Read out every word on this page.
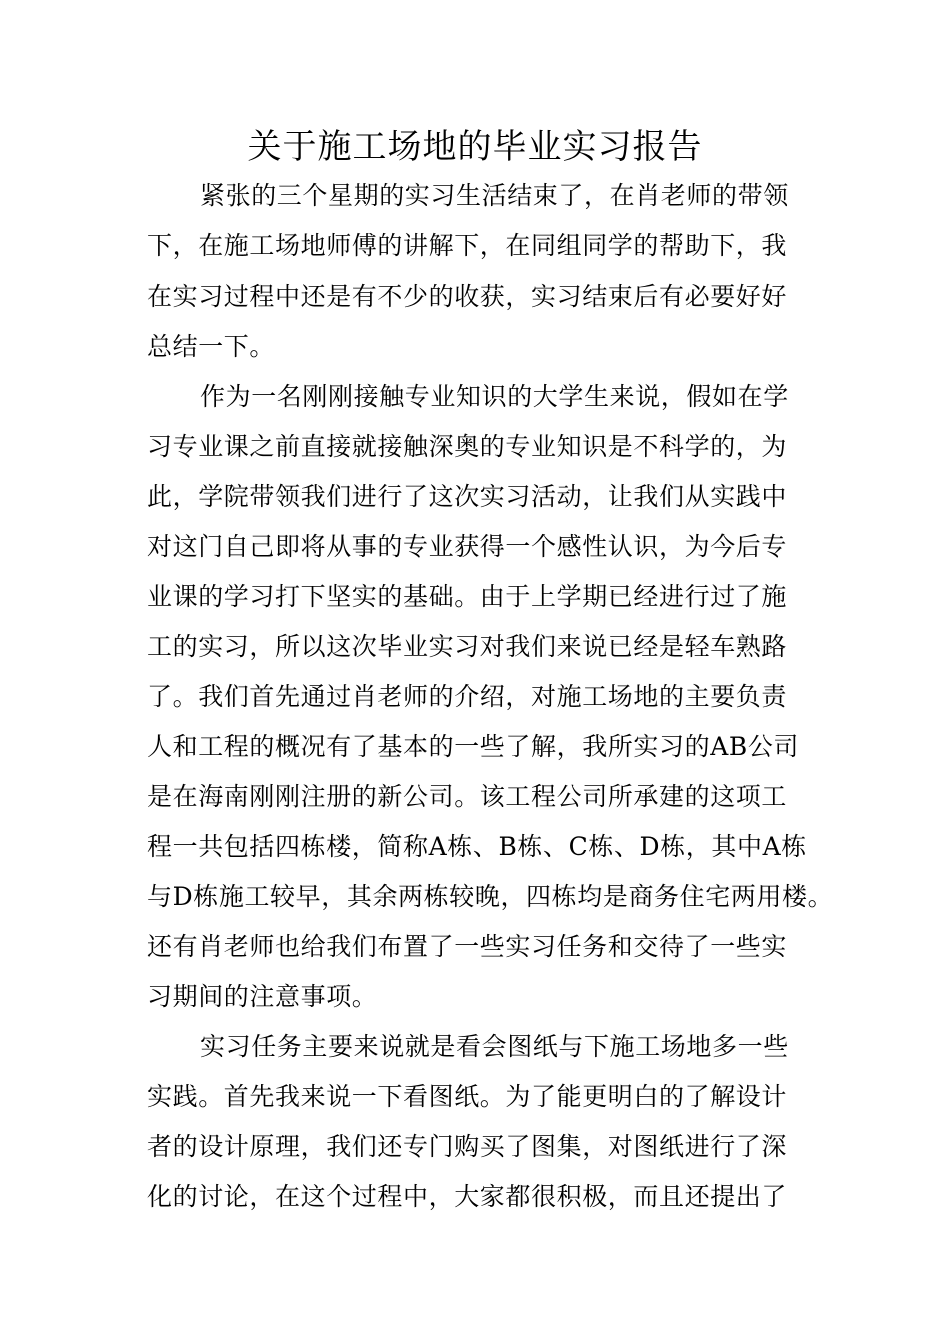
关于施工场地的毕业实习报告
紧张的三个星期的实习生活结束了，在肖老师的带领
下，在施工场地师傅的讲解下，在同组同学的帮助下，我
在实习过程中还是有不少的收获，实习结束后有必要好好
总结一下。
作为一名刚刚接触专业知识的大学生来说，假如在学
习专业课之前直接就接触深奥的专业知识是不科学的，为
此，学院带领我们进行了这次实习活动，让我们从实践中
对这门自己即将从事的专业获得一个感性认识，为今后专
业课的学习打下坚实的基础。由于上学期已经进行过了施
工的实习，所以这次毕业实习对我们来说已经是轻车熟路
了。我们首先通过肖老师的介绍，对施工场地的主要负责
人和工程的概况有了基本的一些了解，我所实习的AB公司
是在海南刚刚注册的新公司。该工程公司所承建的这项工
程一共包括四栋楼，简称A栋、B栋、C栋、D栋，其中A栋
与D栋施工较早，其余两栋较晚，四栋均是商务住宅两用楼。
还有肖老师也给我们布置了一些实习任务和交待了一些实
习期间的注意事项。
实习任务主要来说就是看会图纸与下施工场地多一些
实践。首先我来说一下看图纸。为了能更明白的了解设计
者的设计原理，我们还专门购买了图集，对图纸进行了深
化的讨论，在这个过程中，大家都很积极，而且还提出了
